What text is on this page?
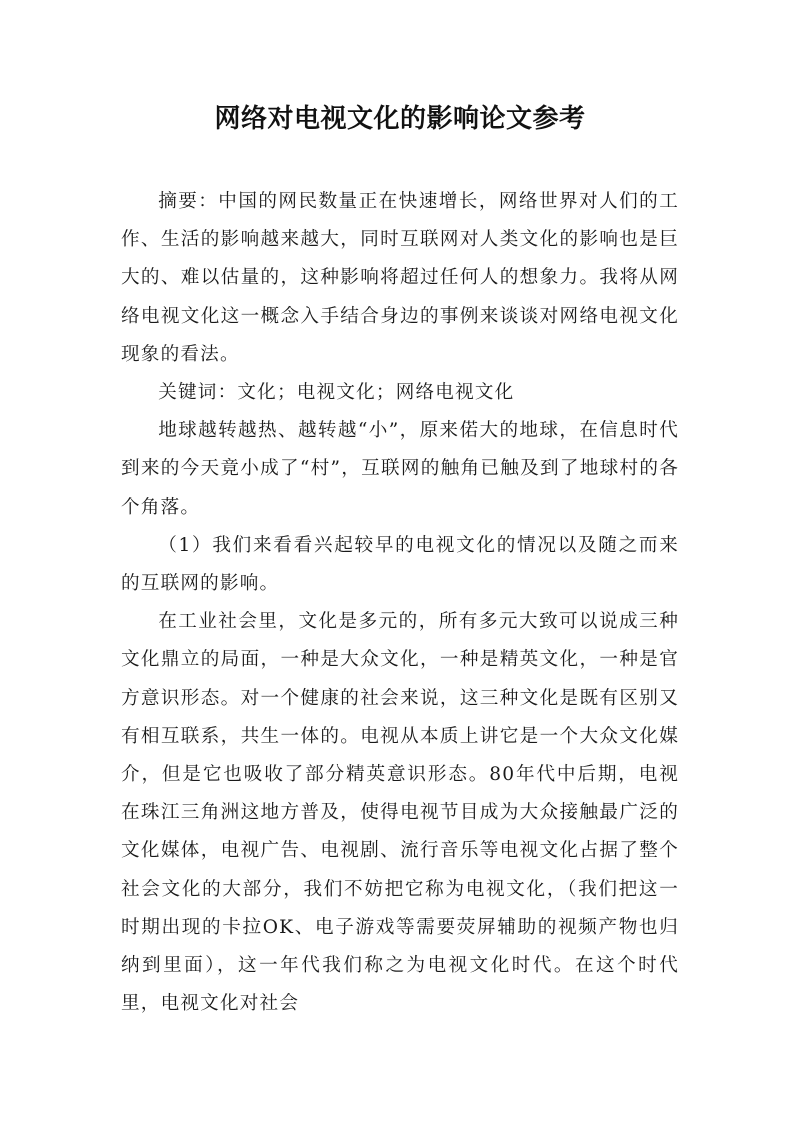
网络对电视文化的影响论文参考

摘要：中国的网民数量正在快速增长，网络世界对人们的工作、生活的影响越来越大，同时互联网对人类文化的影响也是巨大的、难以估量的，这种影响将超过任何人的想象力。我将从网络电视文化这一概念入手结合身边的事例来谈谈对网络电视文化现象的看法。

关键词：文化；电视文化；网络电视文化

地球越转越热、越转越“小”，原来偌大的地球，在信息时代到来的今天竟小成了“村”，互联网的触角已触及到了地球村的各个角落。

（1）我们来看看兴起较早的电视文化的情况以及随之而来的互联网的影响。

在工业社会里，文化是多元的，所有多元大致可以说成三种文化鼎立的局面，一种是大众文化，一种是精英文化，一种是官方意识形态。对一个健康的社会来说，这三种文化是既有区别又有相互联系，共生一体的。电视从本质上讲它是一个大众文化媒介，但是它也吸收了部分精英意识形态。80年代中后期，电视在珠江三角洲这地方普及，使得电视节目成为大众接触最广泛的文化媒体，电视广告、电视剧、流行音乐等电视文化占据了整个社会文化的大部分，我们不妨把它称为电视文化，（我们把这一时期出现的卡拉OK、电子游戏等需要荧屏辅助的视频产物也归纳到里面），这一年代我们称之为电视文化时代。在这个时代里，电视文化对社会
